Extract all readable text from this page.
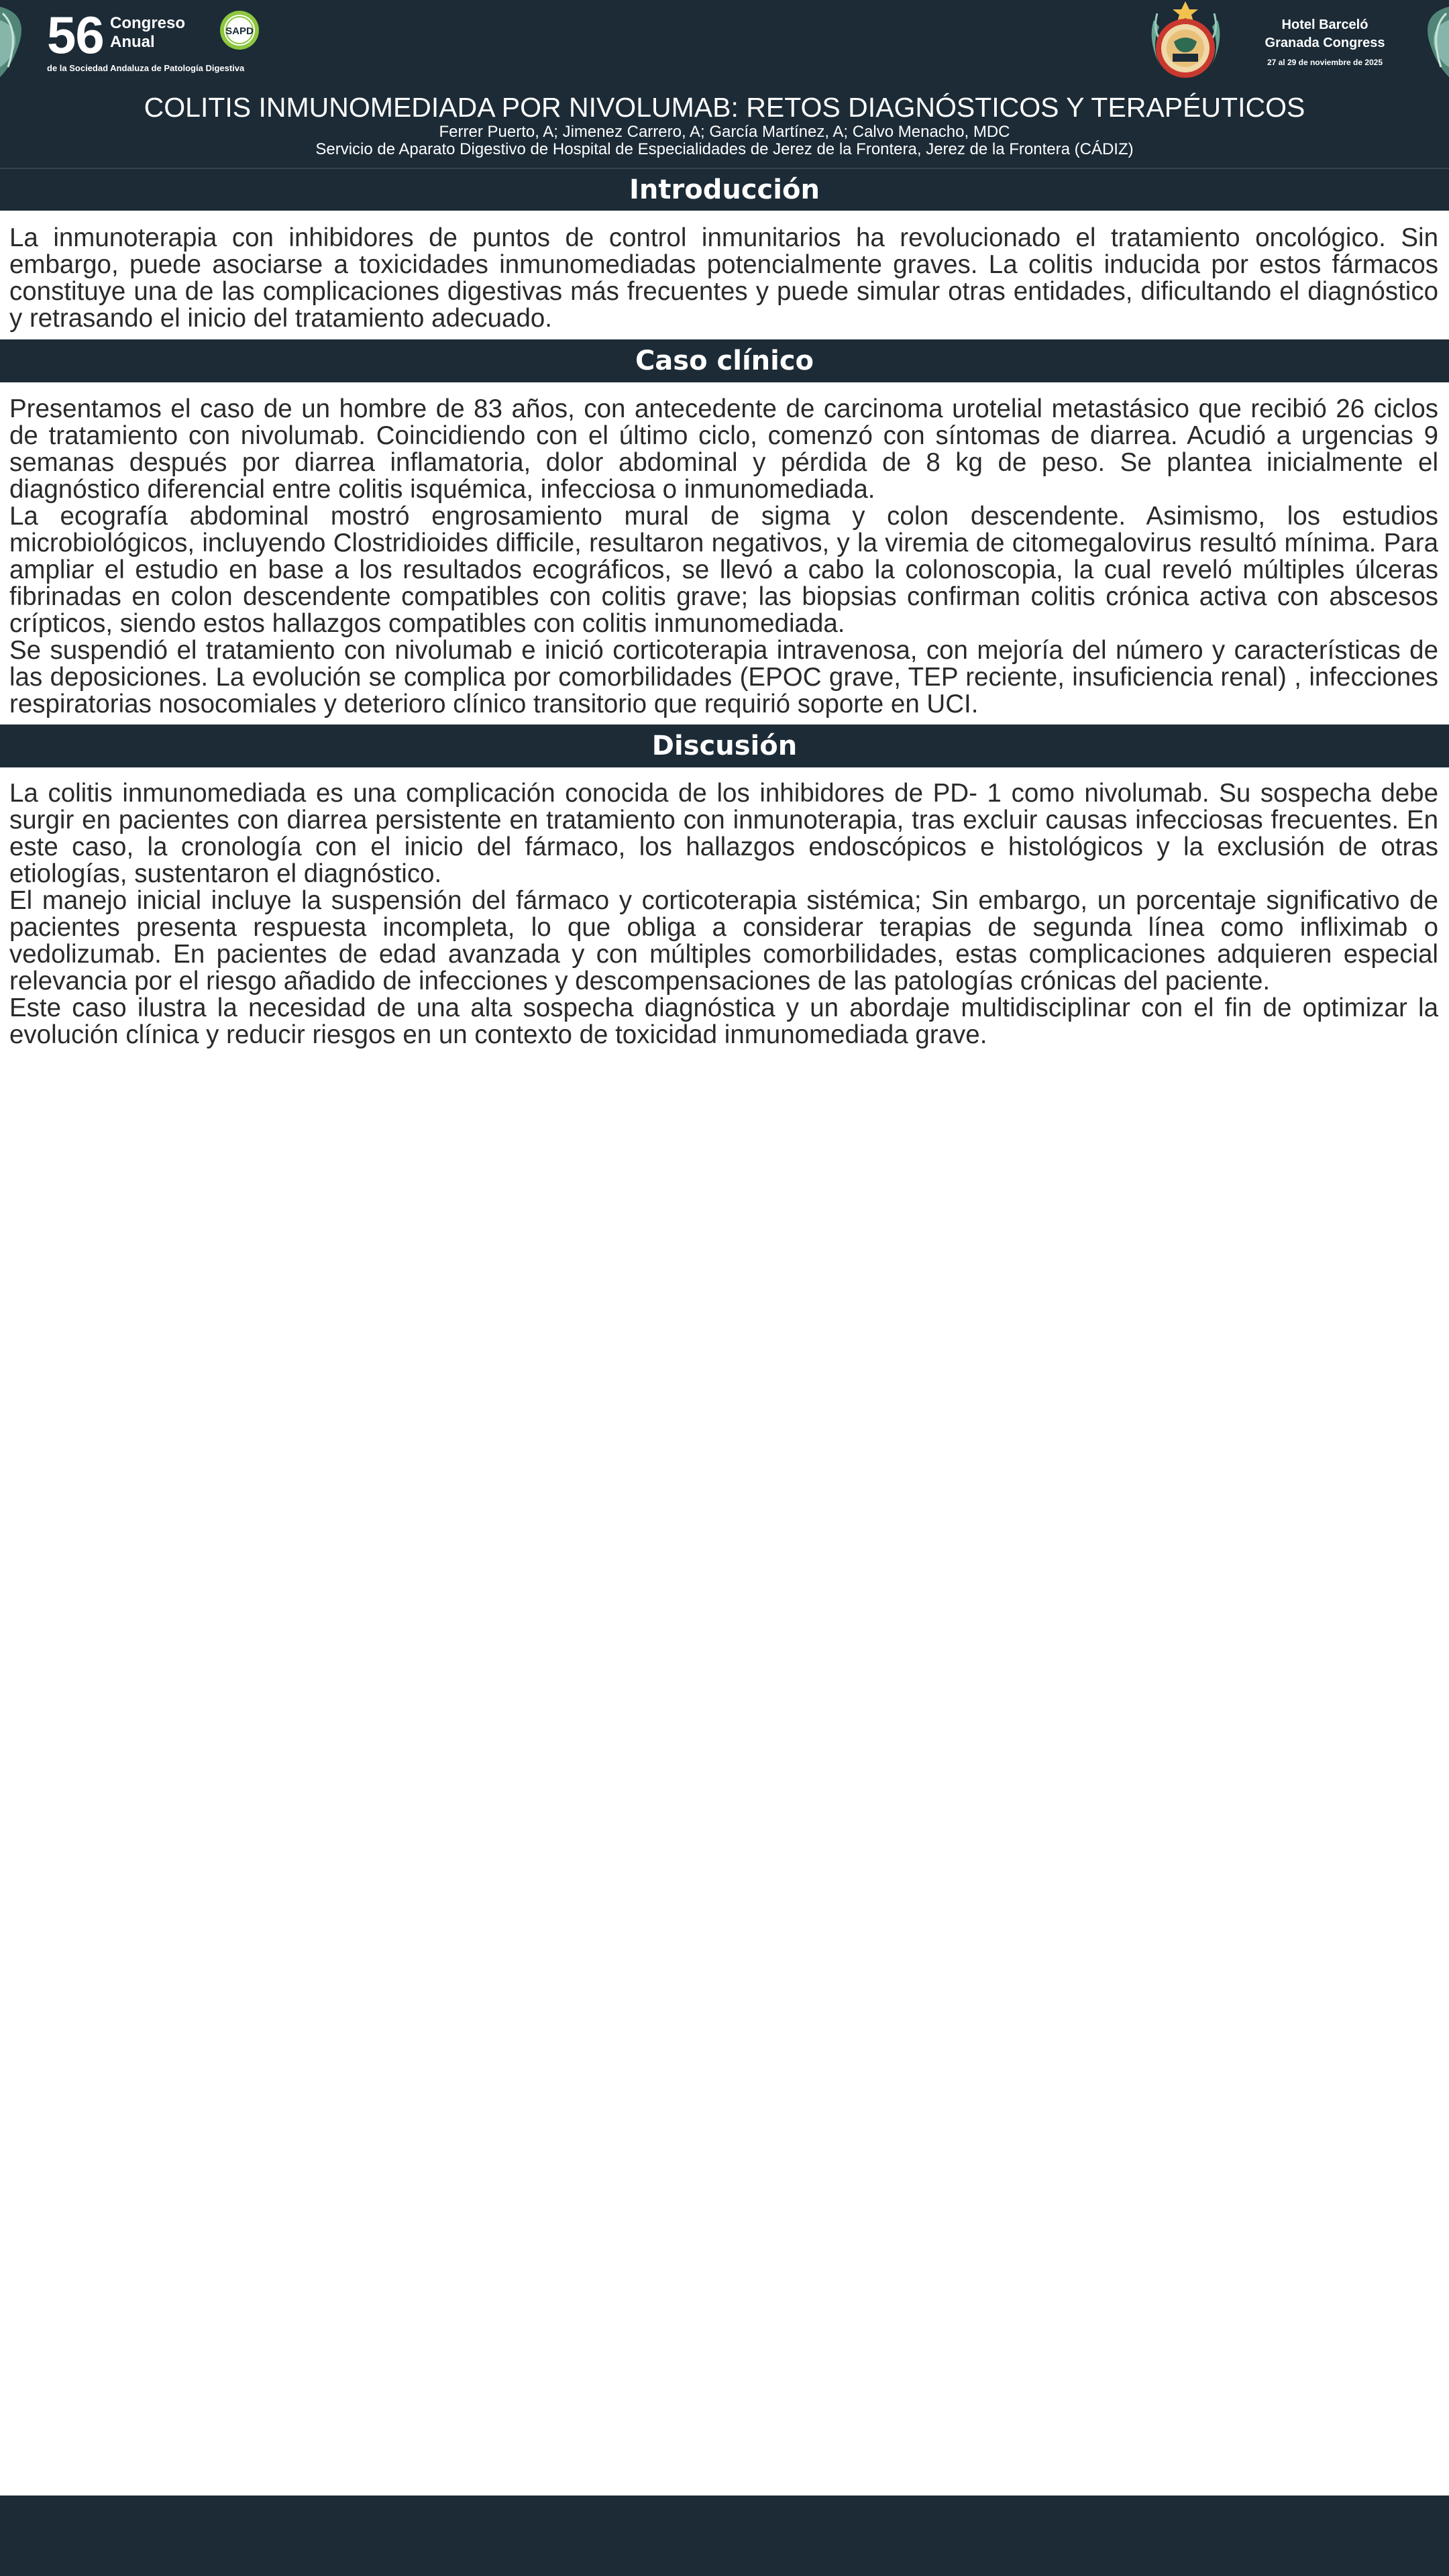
56 Congreso
Anual
de la Sociedad Andaluza de Patología Digestiva
SAPD	Hotel Barceló
Granada Congress
27 al 29 de noviembre de 2025
COLITIS INMUNOMEDIADA POR NIVOLUMAB: RETOS DIAGNÓSTICOS Y TERAPÉUTICOS
Ferrer Puerto, A; Jimenez Carrero, A; García Martínez, A; Calvo Menacho, MDC
Servicio de Aparato Digestivo de Hospital de Especialidades de Jerez de la Frontera, Jerez de la Frontera (CÁDIZ)
Introducción

La inmunoterapia con inhibidores de puntos de control inmunitarios ha revolucionado el tratamiento oncológico. Sin embargo, puede asociarse a toxicidades inmunomediadas potencialmente graves. La colitis inducida por estos fármacos constituye una de las complicaciones digestivas más frecuentes y puede simular otras entidades, dificultando el diagnóstico y retrasando el inicio del tratamiento adecuado.

Caso clínico

Presentamos el caso de un hombre de 83 años, con antecedente de carcinoma urotelial metastásico que recibió 26 ciclos de tratamiento con nivolumab. Coincidiendo con el último ciclo, comenzó con síntomas de diarrea. Acudió a urgencias 9 semanas después por diarrea inflamatoria, dolor abdominal y pérdida de 8 kg de peso. Se plantea inicialmente el diagnóstico diferencial entre colitis isquémica, infecciosa o inmunomediada.

La ecografía abdominal mostró engrosamiento mural de sigma y colon descendente. Asimismo, los estudios microbiológicos, incluyendo Clostridioides difficile, resultaron negativos, y la viremia de citomegalovirus resultó mínima. Para ampliar el estudio en base a los resultados ecográficos, se llevó a cabo la colonoscopia, la cual reveló múltiples úlceras fibrinadas en colon descendente compatibles con colitis grave; las biopsias confirman colitis crónica activa con abscesos crípticos, siendo estos hallazgos compatibles con colitis inmunomediada.

Se suspendió el tratamiento con nivolumab e inició corticoterapia intravenosa, con mejoría del número y características de las deposiciones. La evolución se complica por comorbilidades (EPOC grave, TEP reciente, insuficiencia renal) , infecciones respiratorias nosocomiales y deterioro clínico transitorio que requirió soporte en UCI.

Discusión

La colitis inmunomediada es una complicación conocida de los inhibidores de PD- 1 como nivolumab. Su sospecha debe surgir en pacientes con diarrea persistente en tratamiento con inmunoterapia, tras excluir causas infecciosas frecuentes. En este caso, la cronología con el inicio del fármaco, los hallazgos endoscópicos e histológicos y la exclusión de otras etiologías, sustentaron el diagnóstico.

El manejo inicial incluye la suspensión del fármaco y corticoterapia sistémica; Sin embargo, un porcentaje significativo de pacientes presenta respuesta incompleta, lo que obliga a considerar terapias de segunda línea como infliximab o vedolizumab. En pacientes de edad avanzada y con múltiples comorbilidades, estas complicaciones adquieren especial relevancia por el riesgo añadido de infecciones y descompensaciones de las patologías crónicas del paciente.

Este caso ilustra la necesidad de una alta sospecha diagnóstica y un abordaje multidisciplinar con el fin de optimizar la evolución clínica y reducir riesgos en un contexto de toxicidad inmunomediada grave.
